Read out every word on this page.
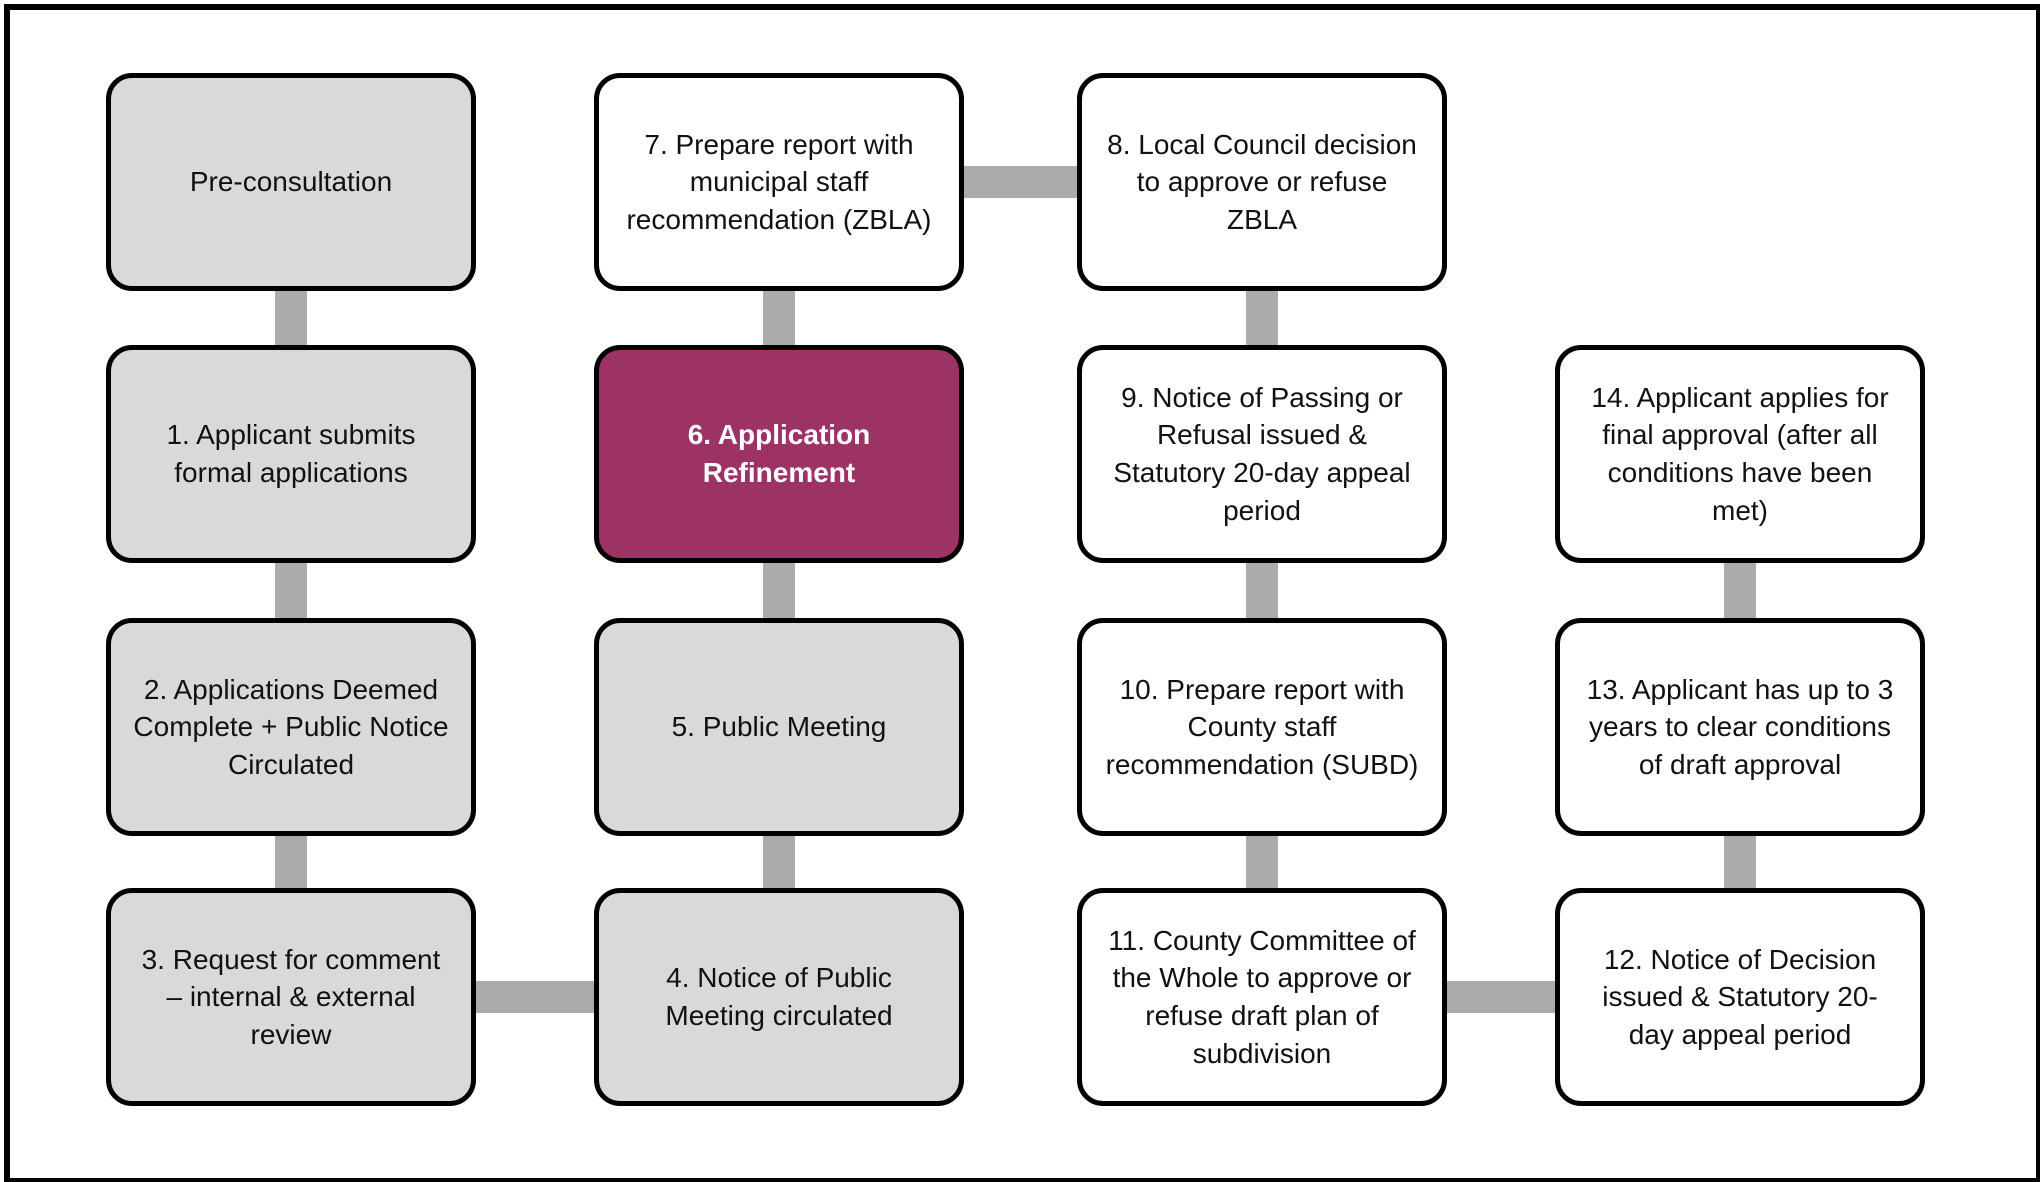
Pre-consultation
1. Applicant submits formal applications
2. Applications Deemed Complete + Public Notice Circulated
3. Request for comment – internal & external review
4. Notice of Public Meeting circulated
5. Public Meeting
6. Application Refinement
7. Prepare report with municipal staff recommendation (ZBLA)
8. Local Council decision to approve or refuse ZBLA
9. Notice of Passing or Refusal issued & Statutory 20-day appeal period
10. Prepare report with County staff recommendation (SUBD)
11. County Committee of the Whole to approve or refuse draft plan of subdivision
12. Notice of Decision issued & Statutory 20-day appeal period
13. Applicant has up to 3 years to clear conditions of draft approval
14. Applicant applies for final approval (after all conditions have been met)
